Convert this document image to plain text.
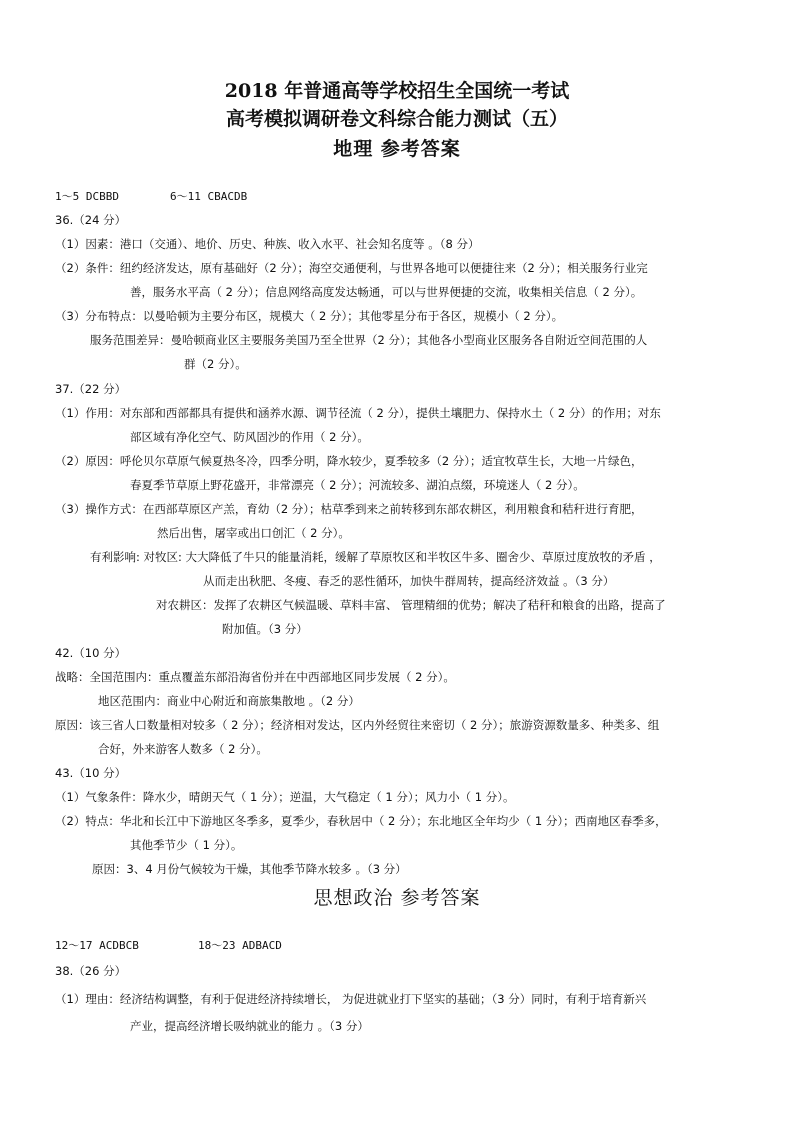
2018 年普通高等学校招生全国统一考试
高考模拟调研卷文科综合能力测试（五）
地理 参考答案
1～5 DCBBD	6～11 CBACDB
36.（24 分）
（1）因素：港口（交通）、地价、历史、种族、收入水平、社会知名度等 。（8 分）
（2）条件：纽约经济发达，原有基础好（2 分）；海空交通便利，与世界各地可以便捷往来（2 分）；相关服务行业完
善，服务水平高（ 2 分）；信息网络高度发达畅通，可以与世界便捷的交流，收集相关信息（ 2 分）。
（3）分布特点：以曼哈顿为主要分布区，规模大（ 2 分）；其他零星分布于各区，规模小（ 2 分）。
服务范围差异：曼哈顿商业区主要服务美国乃至全世界（2 分）；其他各小型商业区服务各自附近空间范围的人
群（2 分）。
37.（22 分）
（1）作用：对东部和西部都具有提供和涵养水源、调节径流（ 2 分），提供土壤肥力、保持水土（ 2 分）的作用；对东
部区域有净化空气、防风固沙的作用（ 2 分）。
（2）原因：呼伦贝尔草原气候夏热冬冷，四季分明，降水较少，夏季较多（2 分）；适宜牧草生长，大地一片绿色，
春夏季节草原上野花盛开，非常漂亮（ 2 分）；河流较多、湖泊点缀，环境迷人（ 2 分）。
（3）操作方式：在西部草原区产羔，育幼（2 分）；枯草季到来之前转移到东部农耕区，利用粮食和秸秆进行育肥，
然后出售，屠宰或出口创汇（ 2 分）。
有利影响: 对牧区: 大大降低了牛只的能量消耗，缓解了草原牧区和半牧区牛多、圈舍少、草原过度放牧的矛盾 ，
从而走出秋肥、冬瘦、春乏的恶性循环，加快牛群周转，提高经济效益 。（3 分）
对农耕区：发挥了农耕区气候温暖、草料丰富、 管理精细的优势；解决了秸秆和粮食的出路，提高了
附加值。（3 分）
42.（10 分）
战略：全国范围内：重点覆盖东部沿海省份并在中西部地区同步发展（ 2 分）。
地区范围内：商业中心附近和商旅集散地 。（2 分）
原因：该三省人口数量相对较多（ 2 分）；经济相对发达，区内外经贸往来密切（ 2 分）；旅游资源数量多、种类多、组
合好，外来游客人数多（ 2 分）。
43.（10 分）
（1）气象条件：降水少，晴朗天气（ 1 分）；逆温，大气稳定（ 1 分）；风力小（ 1 分）。
（2）特点：华北和长江中下游地区冬季多，夏季少，春秋居中（ 2 分）；东北地区全年均少（ 1 分）；西南地区春季多，
其他季节少（ 1 分）。
原因：3、4 月份气候较为干燥，其他季节降水较多 。（3 分）
思想政治 参考答案
12～17 ACDBCB	18～23 ADBACD
38.（26 分）
（1）理由：经济结构调整，有利于促进经济持续增长， 为促进就业打下坚实的基础；（3 分）同时，有利于培育新兴
产业，提高经济增长吸纳就业的能力 。（3 分）
